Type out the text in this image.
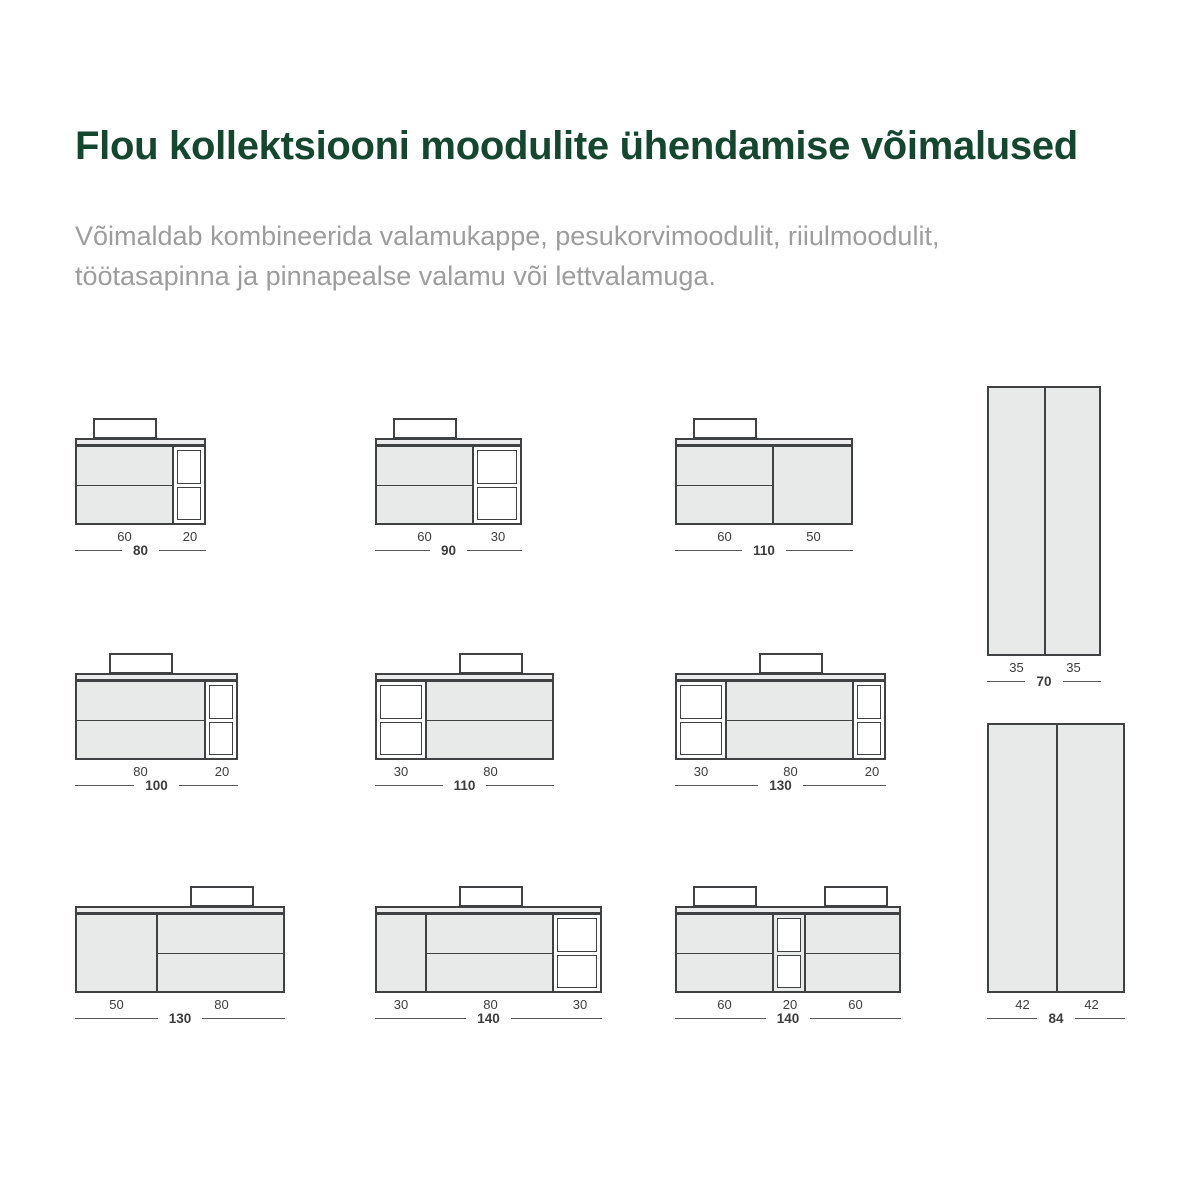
Flou kollektsiooni moodulite ühendamise võimalused
Võimaldab kombineerida valamukappe, pesukorvimoodulit, riiulmoodulit,
töötasapinna ja pinnapealse valamu või lettvalamuga.
60	20
80
60	30
90
60	50
110
35	35
70
80	20
100
30	80
110
30	80	20
130
42	42
84
50	80
130
30	80	30
140
60	20	60
140
